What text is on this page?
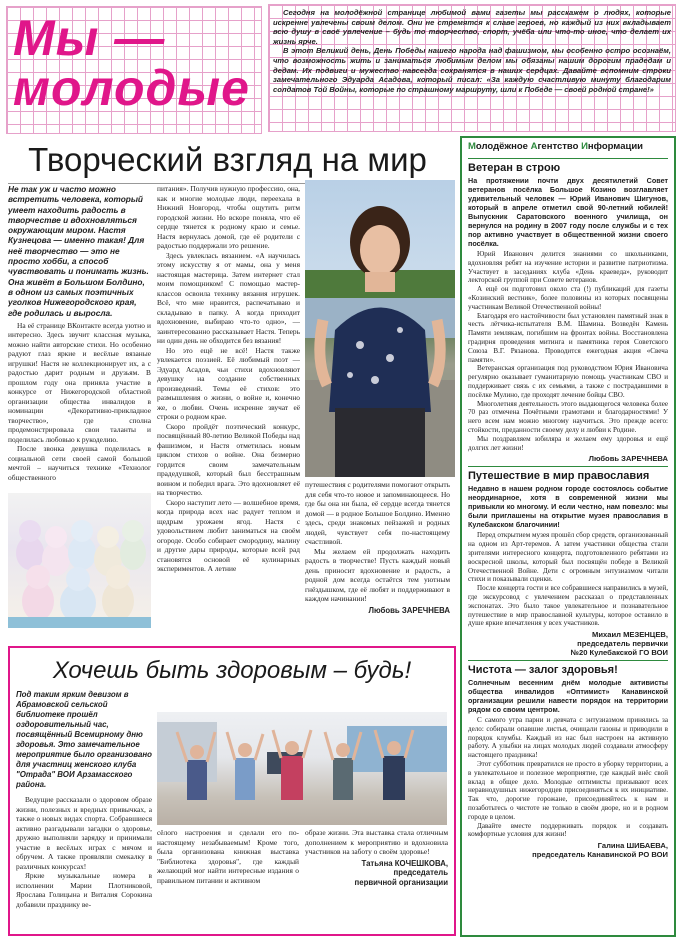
Мы —
молодые

Сегодня на молодёжной странице любимой вами газеты мы расскажем о людях, которые искренне увлечены своим делом. Они не стремятся к славе героев, но каждый из них вкладывает всю душу в своё увлечение – будь то творчество, спорт, учёба или что-то иное, что делает их жизнь ярче.

В этот Великий день, День Победы нашего народа над фашизмом, мы особенно остро осознаём, что возможность жить и заниматься любимым делом мы обязаны нашим дорогим прадедам и дедам. Их подвиги и мужество навсегда сохранятся в наших сердцах. Давайте вспомним строки замечательного Эдуарда Асадова, который писал: «За каждую счастливую минуту благодарим солдатов Той Войны, которые по страшному маршруту, шли к Победе — своей родной стране!»

Творческий взгляд на мир
Не так уж и часто можно встретить человека, который умеет находить радость в творчестве и вдохновляться окружающим миром. Настя Кузнецова — именно такая! Для неё творчество — это не просто хобби, а способ чувствовать и понимать жизнь. Она живёт в Большом Болдино, в одном из самых поэтичных уголков Нижегородского края, где родилась и выросла.

На её странице ВКонтакте всегда уютно и интересно. Здесь звучит классная музыка, можно найти авторские стихи. Но особенно радуют глаз яркие и весёлые вязаные игрушки! Настя не коллекционирует их, а с радостью дарит родным и друзьям. В прошлом году она приняла участие в конкурсе от Нижегородской областной организации общества инвалидов в номинации «Декоративно-прикладное творчество», где сполна продемонстрировала свои таланты и поделилась любовью к рукоделию.

После звонка девушка поделилась в социальной сети своей самой большой мечтой – научиться технике «Технолог общественного

питания». Получив нужную профессию, она, как и многие молодые люди, переехала в Нижний Новгород, чтобы ощутить ритм городской жизни. Но вскоре поняла, что её сердце тянется к родному краю и семье. Настя вернулась домой, где её родители с радостью поддержали это решение.

Здесь увлеклась вязанием. «А научилась этому искусству я от мамы, она у меня настоящая мастерица. Затем интернет стал моим помощником! С помощью мастер-классов освоила технику вязания игрушек. Всё, что мне нравится, распечатываю и складываю в папку. А когда приходит вдохновение, выбираю что-то одно», — заинтересованно рассказывает Настя. Теперь ни один день не обходится без вязания!

Но это ещё не всё! Настя также увлекается поэзией. Её любимый поэт — Эдуард Асадов, чьи стихи вдохновляют девушку на создание собственных произведений. Темы её стихов: это размышления о жизни, о войне и, конечно же, о любви. Очень искренне звучат её строки о родном крае.

Скоро пройдёт поэтический конкурс, посвящённый 80-летию Великой Победы над фашизмом, и Настя отметилась новым циклом стихов о войне. Она безмерно гордится своим замечательным прадедушкой, который был бесстрашным воином и победил врага. Это вдохновляет её на творчество.

Скоро наступит лето — волшебное время, когда природа всех нас радует теплом и щедрым урожаем ягод. Настя с удовольствием любит заниматься на своём огороде. Особо собирает смородину, малину и другие дары природы, которые всей рад становятся основой её кулинарных экспериментов. А летние

путешествия с родителями помогают открыть для себя что-то новое и запоминающееся. Но где бы она ни была, её сердце всегда тянется домой — в родное Большое Болдино. Именно здесь, среди знакомых пейзажей и родных людей, чувствует себя по-настоящему счастливой.

Мы желаем ей продолжать находить радость в творчестве! Пусть каждый новый день приносит вдохновение и радость, а родной дом всегда остаётся тем уютным гнёздышком, где её любят и поддерживают в каждом начинании!

Любовь ЗАРЕЧНЕВА
Хочешь быть здоровым – будь!
Под таким ярким девизом в Абрамовской сельской библиотеке прошёл оздоровительный час, посвящённый Всемирному дню здоровья. Это замечательное мероприятие было организовано для участниц женского клуба "Отрада" ВОИ Арзамасского района.

Ведущие рассказали о здоровом образе жизни, полезных и вредных привычках, а также о новых видах спорта. Собравшиеся активно разгадывали загадки о здоровье, дружно выполняли зарядку и принимали участие в весёлых играх с мячом и обручем. А также проявляли смекалку в различных конкурсах!

Яркие музыкальные номера в исполнении Марии Плотниковой, Ярослава Голицына и Виталия Сорокина добавили празднику ве-

сёлого настроения и сделали его по-настоящему незабываемым! Кроме того, была организована книжная выставка "Библиотека здоровья", где каждый желающий мог найти интересные издания о правильном питании и активном

образе жизни. Эта выставка стала отличным дополнением к мероприятию и вдохновила участников на заботу о своём здоровье!

Татьяна КОЧЕШКОВА,
председатель
первичной организации
Молодёжное Агентство Информации
Ветеран в строю
На протяжении почти двух десятилетий Совет ветеранов посёлка Большое Козино возглавляет удивительный человек — Юрий Иванович Шигунов, который в апреле отметил свой 90-летний юбилей! Выпускник Саратовского военного училища, он вернулся на родину в 2007 году после службы и с тех пор активно участвует в общественной жизни своего посёлка.

Юрий Иванович делится знаниями со школьниками, вдохновляя ребят на изучение истории и развитие патриотизма. Участвует в заседаниях клуба «День краеведа», руководит лекторской группой при Совете ветеранов.

А ещё он подготовил около ста (!) публикаций для газеты «Козинский вестник», более половины из которых посвящены участникам Великой Отечественной войны!

Благодаря его настойчивости был установлен памятный знак в честь лётчика-испытателя В.М. Шамина. Возведён Камень Памяти землякам, погибшим на фронтах войны. Восстановлена градирня проведения митинга и памятника героя Советского Союза В.Г. Рязанова. Проводится ежегодная акция «Свеча памяти».

Ветеранская организация под руководством Юрия Ивановича регулярно оказывает гуманитарную помощь участникам СВО и поддерживает связь с их семьями, а также с пострадавшими в посёлке Мулино, где проходят лечение бойцы СВО.

Многолетняя деятельность этого выдающегося человека более 70 раз отмечена Почётными грамотами и благодарностями! У него всем нам можно многому научиться. Это прежде всего: стойкости, преданности своему делу и любви к Родине.

Мы поздравляем юбиляра и желаем ему здоровья и ещё долгих лет жизни!

Любовь ЗАРЕЧНЕВА
Путешествие в мир православия
Недавно в нашем родном городе состоялось событие неординарное, хотя в современной жизни мы привыкли ко многому. И если честно, нам повезло: мы были приглашены на открытие музея православия в Кулебакском благочинии!

Перед открытием музея прошёл сбор средств, организованный на одном из Арт-теремов. А затем участники общества стали зрителями интересного концерта, подготовленного ребятами из воскресной школы, который был посвящён победе в Великой Отечественной Войне. Дети с огромным энтузиазмом читали стихи и показывали сценки.

После концерта гости и все собравшиеся направились в музей, где экскурсовод с увлечением рассказал о представленных экспонатах. Это было такое увлекательное и познавательное путешествие в мир православной культуры, которое оставило в душе яркие впечатления у всех участников.

Михаил МЕЗЕНЦЕВ,
председатель первички
№20 Кулебакской ГО ВОИ
Чистота — залог здоровья!
Солнечным весенним днём молодые активисты общества инвалидов «Оптимист» Канавинской организации решили навести порядок на территории рядом со своим центром.

С самого утра парни и девчата с энтузиазмом принялись за дело: собирали опавшие листья, очищали газоны и приводили в порядок клумбы. Каждый из нас был настроен на активную работу. А улыбки на лицах молодых людей создавали атмосферу настоящего праздника!

Этот субботник превратился не просто в уборку территории, а в увлекательное и полезное мероприятие, где каждый внёс свой вклад в общее дело. Молодые оптимисты призывают всех неравнодушных нижегородцев присоединяться к их инициативе. Так что, дорогие горожане, присоединяйтесь к нам и позаботьтесь о чистоте не только в своём дворе, но и в родном городе в целом.

Давайте вместе поддерживать порядок и создавать комфортные условия для жизни!

Галина ШИБАЕВА,
председатель Канавинской РО ВОИ
